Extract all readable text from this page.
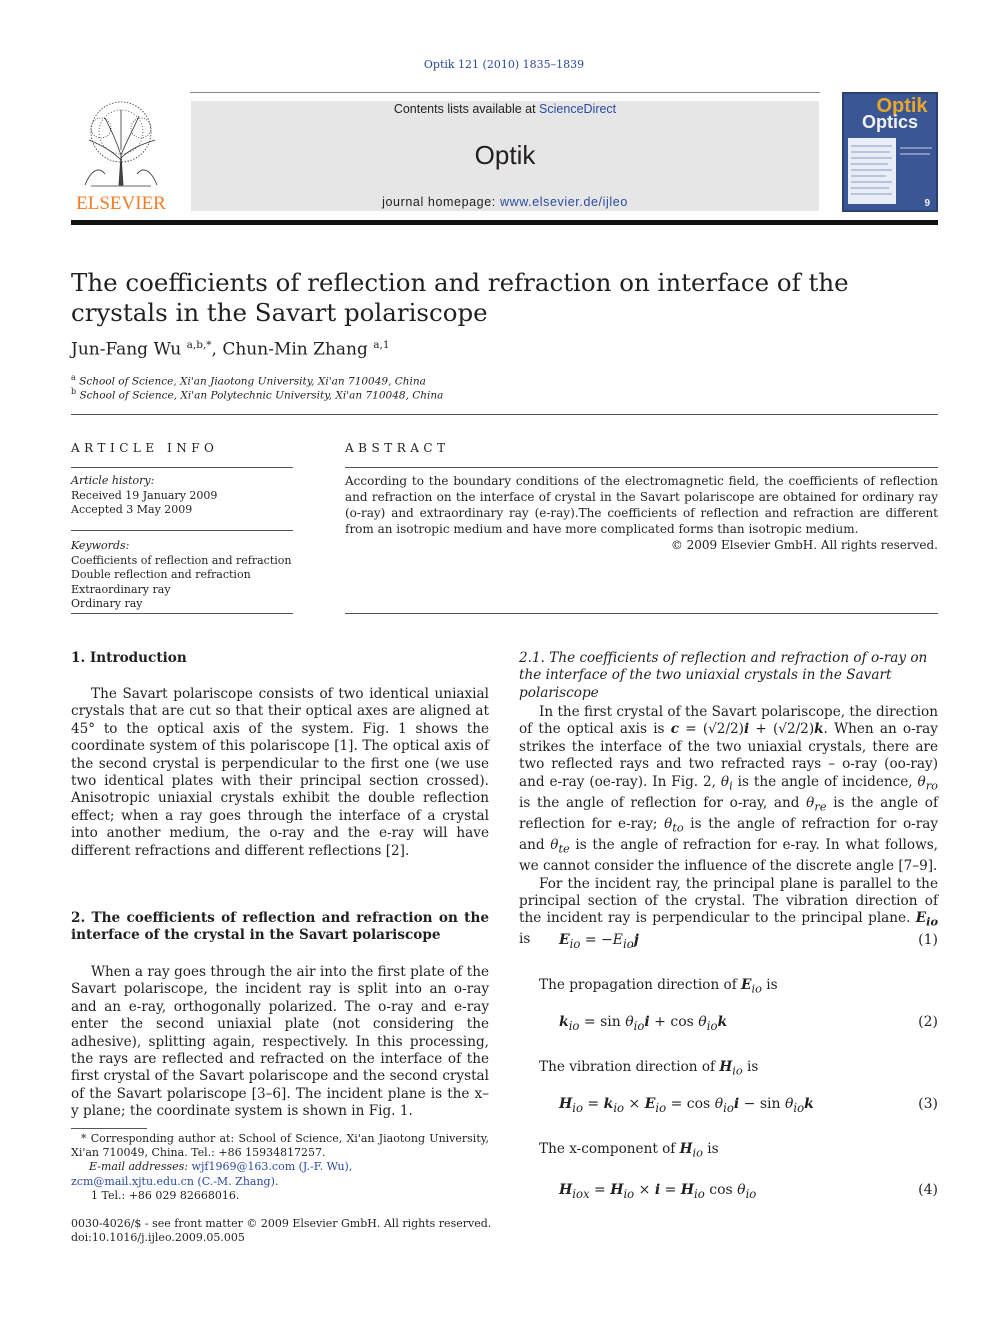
Optik 121 (2010) 1835–1839
ELSEVIER
Contents lists available at ScienceDirect
Optik
journal homepage: www.elsevier.de/ijleo
Optik
Optics
9
The coefficients of reflection and refraction on interface of the crystals in the Savart polariscope
Jun-Fang Wu $^{a,b,*}$, Chun-Min Zhang $^{a,1}$
$^a$ School of Science, Xi'an Jiaotong University, Xi'an 710049, China
$^b$ School of Science, Xi'an Polytechnic University, Xi'an 710048, China
ARTICLE INFO
Article history:
Received 19 January 2009
Accepted 3 May 2009
Keywords:
Coefficients of reflection and refraction
Double reflection and refraction
Extraordinary ray
Ordinary ray
ABSTRACT
According to the boundary conditions of the electromagnetic field, the coefficients of reflection and refraction on the interface of crystal in the Savart polariscope are obtained for ordinary ray (o-ray) and extraordinary ray (e-ray).The coefficients of reflection and refraction are different from an isotropic medium and have more complicated forms than isotropic medium.
© 2009 Elsevier GmbH. All rights reserved.
1. Introduction

The Savart polariscope consists of two identical uniaxial crystals that are cut so that their optical axes are aligned at 45° to the optical axis of the system. Fig. 1 shows the coordinate system of this polariscope [1]. The optical axis of the second crystal is perpendicular to the first one (we use two identical plates with their principal section crossed). Anisotropic uniaxial crystals exhibit the double reflection effect; when a ray goes through the interface of a crystal into another medium, the o-ray and the e-ray will have different refractions and different reflections [2].

2. The coefficients of reflection and refraction on the interface of the crystal in the Savart polariscope

When a ray goes through the air into the first plate of the Savart polariscope, the incident ray is split into an o-ray and an e-ray, orthogonally polarized. The o-ray and e-ray enter the second uniaxial plate (not considering the adhesive), splitting again, respectively. In this processing, the rays are reflected and refracted on the interface of the first crystal of the Savart polariscope and the second crystal of the Savart polariscope [3–6]. The incident plane is the x–y plane; the coordinate system is shown in Fig. 1.

* Corresponding author at: School of Science, Xi'an Jiaotong University, Xi'an 710049, China. Tel.: +86 15934817257.
E-mail addresses: wjf1969@163.com (J.-F. Wu),
zcm@mail.xjtu.edu.cn (C.-M. Zhang).
1 Tel.: +86 029 82668016.
0030-4026/$ - see front matter © 2009 Elsevier GmbH. All rights reserved.
doi:10.1016/j.ijleo.2009.05.005
2.1. The coefficients of reflection and refraction of o-ray on the interface of the two uniaxial crystals in the Savart polariscope

In the first crystal of the Savart polariscope, the direction of the optical axis is c = (√2/2)i + (√2/2)k. When an o-ray strikes the interface of the two uniaxial crystals, there are two reflected rays and two refracted rays – o-ray (oo-ray) and e-ray (oe-ray). In Fig. 2, $\theta_i$ is the angle of incidence, $\theta_{ro}$ is the angle of reflection for o-ray, and $\theta_{re}$ is the angle of reflection for e-ray; $\theta_{to}$ is the angle of refraction for o-ray and $\theta_{te}$ is the angle of refraction for e-ray. In what follows, we cannot consider the influence of the discrete angle [7–9].

For the incident ray, the principal plane is parallel to the principal section of the crystal. The vibration direction of the incident ray is perpendicular to the principal plane. $E_{io}$ is	$E_{io} = -E_{io}j$	(1)
The propagation direction of $E_{io}$ is
$k_{io} = \sin \theta_{io}i + \cos \theta_{io}k$	(2)
The vibration direction of $H_{io}$ is
$H_{io} = k_{io} \times E_{io} = \cos \theta_{io}i - \sin \theta_{io}k$	(3)
The x-component of $H_{io}$ is
$H_{iox} = H_{io} \times i = H_{io}$ $\cos \theta_{io}$	(4)
